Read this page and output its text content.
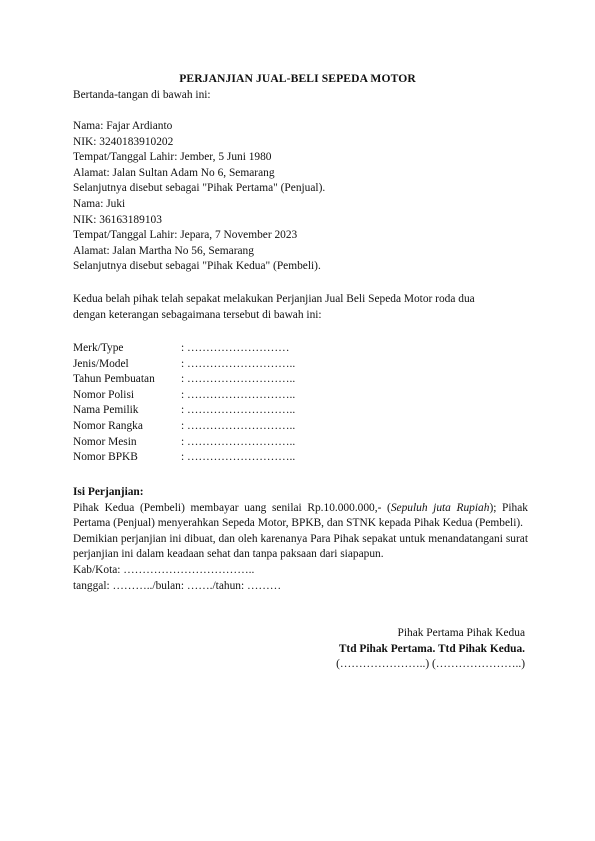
PERJANJIAN JUAL-BELI SEPEDA MOTOR
Bertanda-tangan di bawah ini:
Nama: Fajar Ardianto
NIK: 3240183910202
Tempat/Tanggal Lahir: Jember, 5 Juni 1980
Alamat: Jalan Sultan Adam No 6, Semarang
Selanjutnya disebut sebagai "Pihak Pertama" (Penjual).
Nama: Juki
NIK: 36163189103
Tempat/Tanggal Lahir: Jepara, 7 November 2023
Alamat: Jalan Martha No 56, Semarang
Selanjutnya disebut sebagai "Pihak Kedua" (Pembeli).
Kedua belah pihak telah sepakat melakukan Perjanjian Jual Beli Sepeda Motor roda dua
dengan keterangan sebagaimana tersebut di bawah ini:
Merk/Type	: ………………………
Jenis/Model	: ………………………..
Tahun Pembuatan	: ………………………..
Nomor Polisi	: ………………………..
Nama Pemilik	: ………………………..
Nomor Rangka	: ………………………..
Nomor Mesin	: ………………………..
Nomor BPKB	: ………………………..
Isi Perjanjian:
Pihak Kedua (Pembeli) membayar uang senilai Rp.10.000.000,- (Sepuluh juta Rupiah); Pihak Pertama (Penjual) menyerahkan Sepeda Motor, BPKB, dan STNK kepada Pihak Kedua (Pembeli).
Demikian perjanjian ini dibuat, dan oleh karenanya Para Pihak sepakat untuk menandatangani surat perjanjian ini dalam keadaan sehat dan tanpa paksaan dari siapapun.
Kab/Kota: ……………………………..
tanggal: ………../bulan: ……./tahun: ………
Pihak Pertama Pihak Kedua
Ttd Pihak Pertama. Ttd Pihak Kedua.
(…………………..) (…………………..)
